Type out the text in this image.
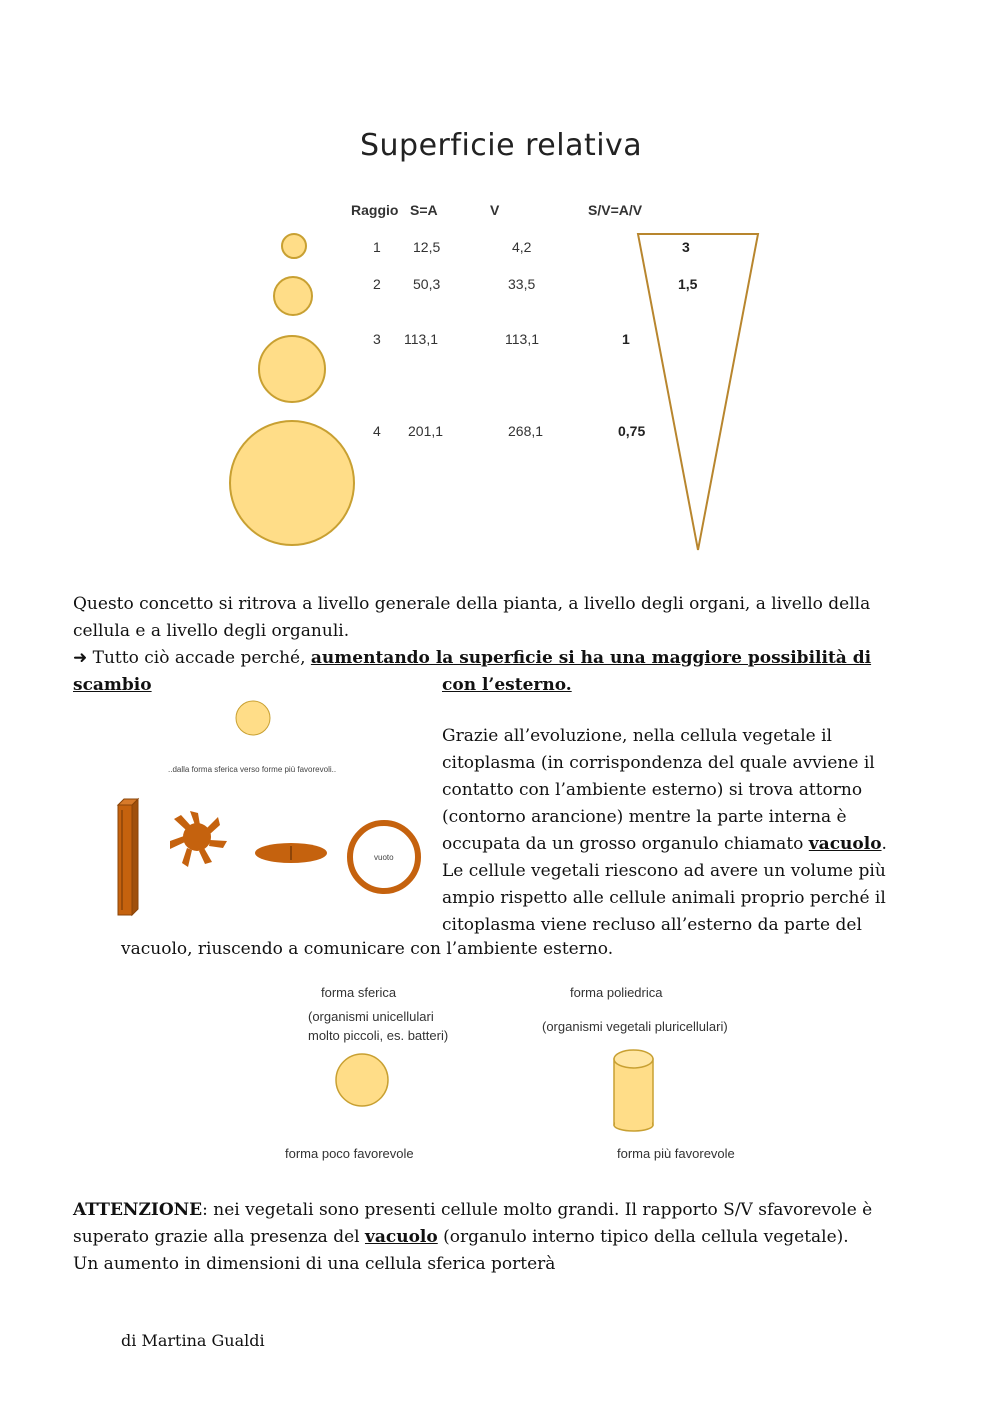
Superficie relativa
Raggio S=A	V	S/V=A/V
1 12,5	4,2	3
2 50,3	33,5	1,5
3 113,1	113,1	1
4 201,1	268,1	0,75
Questo concetto si ritrova a livello generale della pianta, a livello degli organi, a livello della
cellula e a livello degli organuli.
➜ Tutto ciò accade perché, aumentando la superficie si ha una maggiore possibilità di scambio	con l’esterno.
..dalla forma sferica verso forme più favorevoli..
vuoto
Grazie all’evoluzione, nella cellula vegetale il
citoplasma (in corrispondenza del quale avviene il
contatto con l’ambiente esterno) si trova attorno
(contorno arancione) mentre la parte interna è
occupata da un grosso organulo chiamato vacuolo.
Le cellule vegetali riescono ad avere un volume più
ampio rispetto alle cellule animali proprio perché il
citoplasma viene recluso all’esterno da parte del
vacuolo, riuscendo a comunicare con l’ambiente esterno.
forma sferica
(organismi unicellulari
molto piccoli, es. batteri)
forma poliedrica
(organismi vegetali pluricellulari)
forma poco favorevole	forma più favorevole
ATTENZIONE: nei vegetali sono presenti cellule molto grandi. Il rapporto S/V sfavorevole è
superato grazie alla presenza del vacuolo (organulo interno tipico della cellula vegetale).
Un aumento in dimensioni di una cellula sferica porterà
di Martina Gualdi
